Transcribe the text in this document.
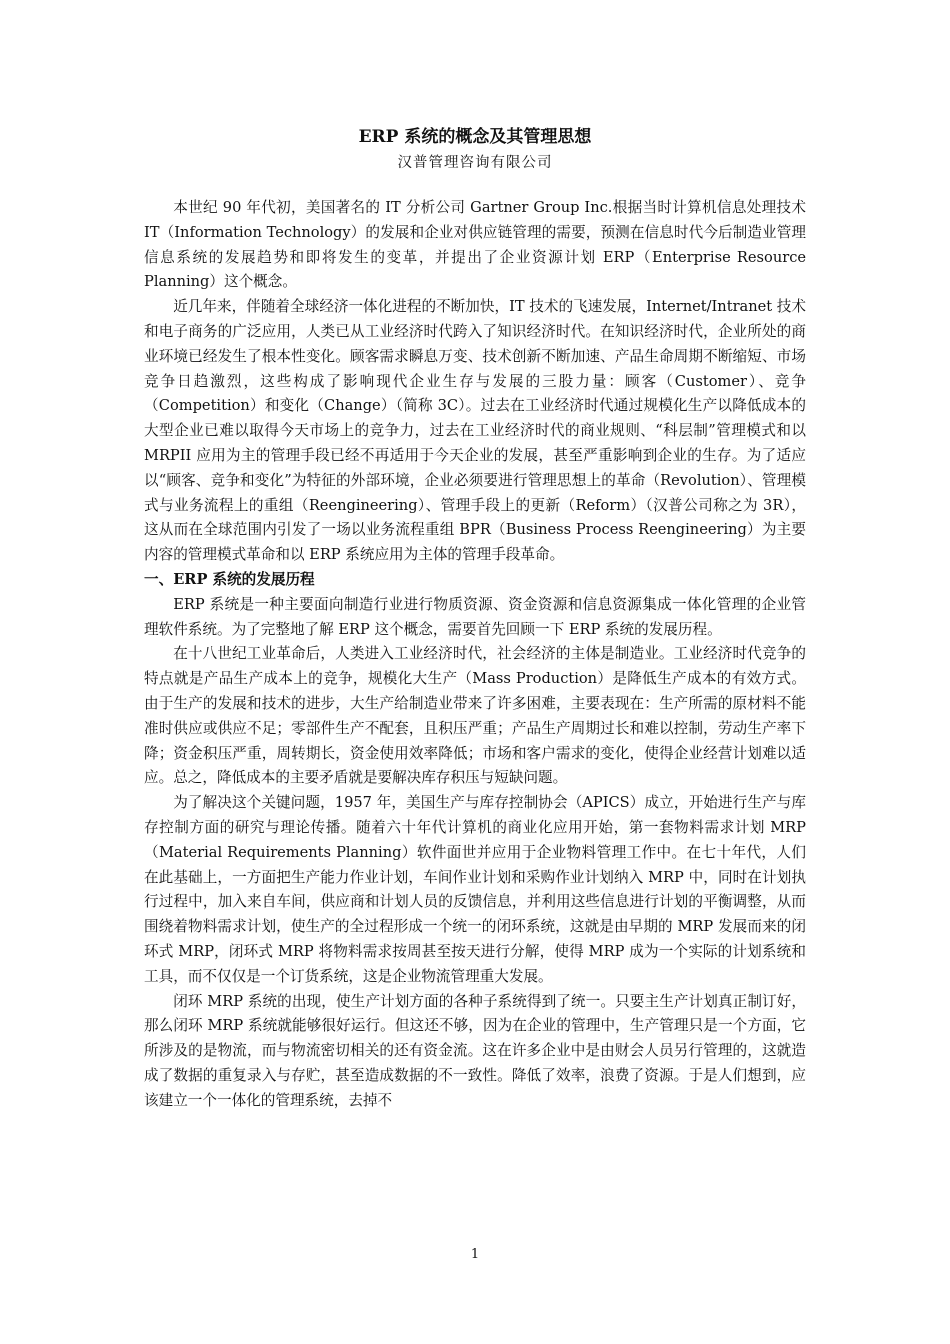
ERP 系统的概念及其管理思想

汉普管理咨询有限公司

本世纪 90 年代初，美国著名的 IT 分析公司 Gartner Group Inc.根据当时计算机信息处理技术 IT（Information Technology）的发展和企业对供应链管理的需要，预测在信息时代今后制造业管理信息系统的发展趋势和即将发生的变革，并提出了企业资源计划 ERP（Enterprise Resource Planning）这个概念。

近几年来，伴随着全球经济一体化进程的不断加快，IT 技术的飞速发展，Internet/Intranet 技术和电子商务的广泛应用，人类已从工业经济时代跨入了知识经济时代。在知识经济时代，企业所处的商业环境已经发生了根本性变化。顾客需求瞬息万变、技术创新不断加速、产品生命周期不断缩短、市场竞争日趋激烈，这些构成了影响现代企业生存与发展的三股力量：顾客（Customer）、竞争（Competition）和变化（Change）（简称 3C）。过去在工业经济时代通过规模化生产以降低成本的大型企业已难以取得今天市场上的竞争力，过去在工业经济时代的商业规则、“科层制”管理模式和以 MRPII 应用为主的管理手段已经不再适用于今天企业的发展，甚至严重影响到企业的生存。为了适应以“顾客、竞争和变化”为特征的外部环境，企业必须要进行管理思想上的革命（Revolution）、管理模式与业务流程上的重组（Reengineering）、管理手段上的更新（Reform）（汉普公司称之为 3R），这从而在全球范围内引发了一场以业务流程重组 BPR（Business Process Reengineering）为主要内容的管理模式革命和以 ERP 系统应用为主体的管理手段革命。

一、ERP 系统的发展历程

ERP 系统是一种主要面向制造行业进行物质资源、资金资源和信息资源集成一体化管理的企业管理软件系统。为了完整地了解 ERP 这个概念，需要首先回顾一下 ERP 系统的发展历程。

在十八世纪工业革命后，人类进入工业经济时代，社会经济的主体是制造业。工业经济时代竞争的特点就是产品生产成本上的竞争，规模化大生产（Mass Production）是降低生产成本的有效方式。由于生产的发展和技术的进步，大生产给制造业带来了许多困难，主要表现在：生产所需的原材料不能准时供应或供应不足；零部件生产不配套，且积压严重；产品生产周期过长和难以控制，劳动生产率下降；资金积压严重，周转期长，资金使用效率降低；市场和客户需求的变化，使得企业经营计划难以适应。总之，降低成本的主要矛盾就是要解决库存积压与短缺问题。

为了解决这个关键问题，1957 年，美国生产与库存控制协会（APICS）成立，开始进行生产与库存控制方面的研究与理论传播。随着六十年代计算机的商业化应用开始，第一套物料需求计划 MRP（Material Requirements Planning）软件面世并应用于企业物料管理工作中。在七十年代，人们在此基础上，一方面把生产能力作业计划，车间作业计划和采购作业计划纳入 MRP 中，同时在计划执行过程中，加入来自车间，供应商和计划人员的反馈信息，并利用这些信息进行计划的平衡调整，从而围绕着物料需求计划，使生产的全过程形成一个统一的闭环系统，这就是由早期的 MRP 发展而来的闭环式 MRP，闭环式 MRP 将物料需求按周甚至按天进行分解，使得 MRP 成为一个实际的计划系统和工具，而不仅仅是一个订货系统，这是企业物流管理重大发展。

闭环 MRP 系统的出现，使生产计划方面的各种子系统得到了统一。只要主生产计划真正制订好，那么闭环 MRP 系统就能够很好运行。但这还不够，因为在企业的管理中，生产管理只是一个方面，它所涉及的是物流，而与物流密切相关的还有资金流。这在许多企业中是由财会人员另行管理的，这就造成了数据的重复录入与存贮，甚至造成数据的不一致性。降低了效率，浪费了资源。于是人们想到，应该建立一个一体化的管理系统，去掉不

1
